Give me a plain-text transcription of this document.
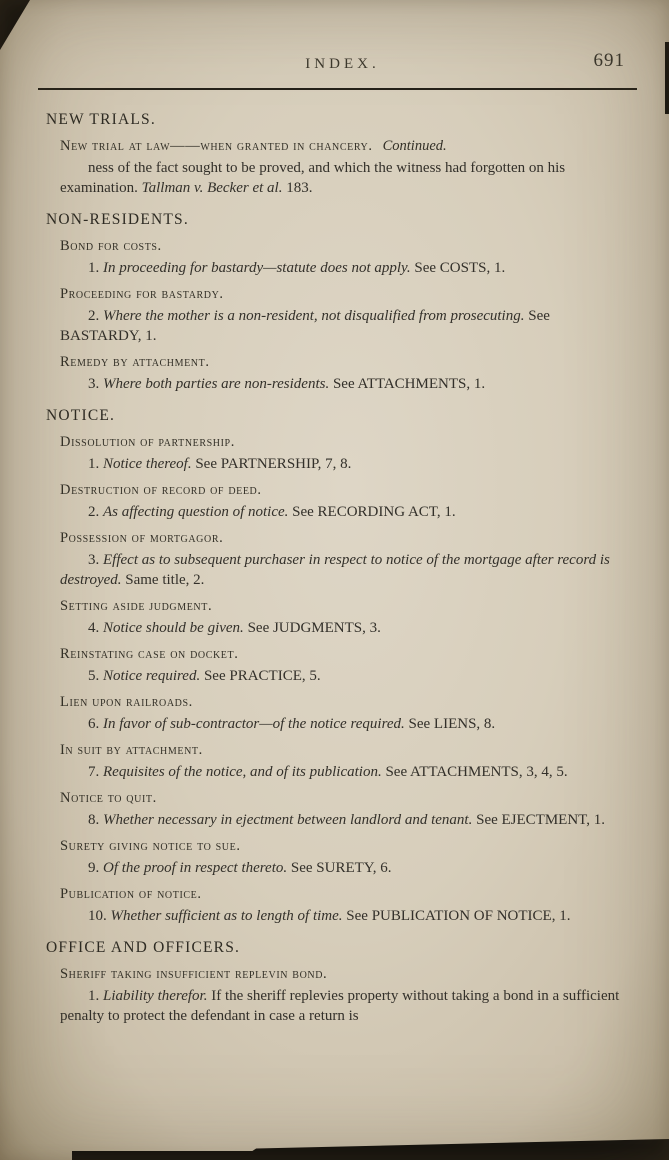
INDEX.	691
NEW TRIALS.
New trial at law——when granted in chancery. Continued.
ness of the fact sought to be proved, and which the witness had forgotten on his examination. Tallman v. Becker et al. 183.
NON-RESIDENTS.
Bond for costs.
1. In proceeding for bastardy—statute does not apply. See COSTS, 1.
Proceeding for bastardy.
2. Where the mother is a non-resident, not disqualified from prosecuting. See BASTARDY, 1.
Remedy by attachment.
3. Where both parties are non-residents. See ATTACHMENTS, 1.
NOTICE.
Dissolution of partnership.
1. Notice thereof. See PARTNERSHIP, 7, 8.
Destruction of record of deed.
2. As affecting question of notice. See RECORDING ACT, 1.
Possession of mortgagor.
3. Effect as to subsequent purchaser in respect to notice of the mortgage after record is destroyed. Same title, 2.
Setting aside judgment.
4. Notice should be given. See JUDGMENTS, 3.
Reinstating case on docket.
5. Notice required. See PRACTICE, 5.
Lien upon railroads.
6. In favor of sub-contractor—of the notice required. See LIENS, 8.
In suit by attachment.
7. Requisites of the notice, and of its publication. See ATTACHMENTS, 3, 4, 5.
Notice to quit.
8. Whether necessary in ejectment between landlord and tenant. See EJECTMENT, 1.
Surety giving notice to sue.
9. Of the proof in respect thereto. See SURETY, 6.
Publication of notice.
10. Whether sufficient as to length of time. See PUBLICATION OF NOTICE, 1.
OFFICE AND OFFICERS.
Sheriff taking insufficient replevin bond.
1. Liability therefor. If the sheriff replevies property without taking a bond in a sufficient penalty to protect the defendant in case a return is
